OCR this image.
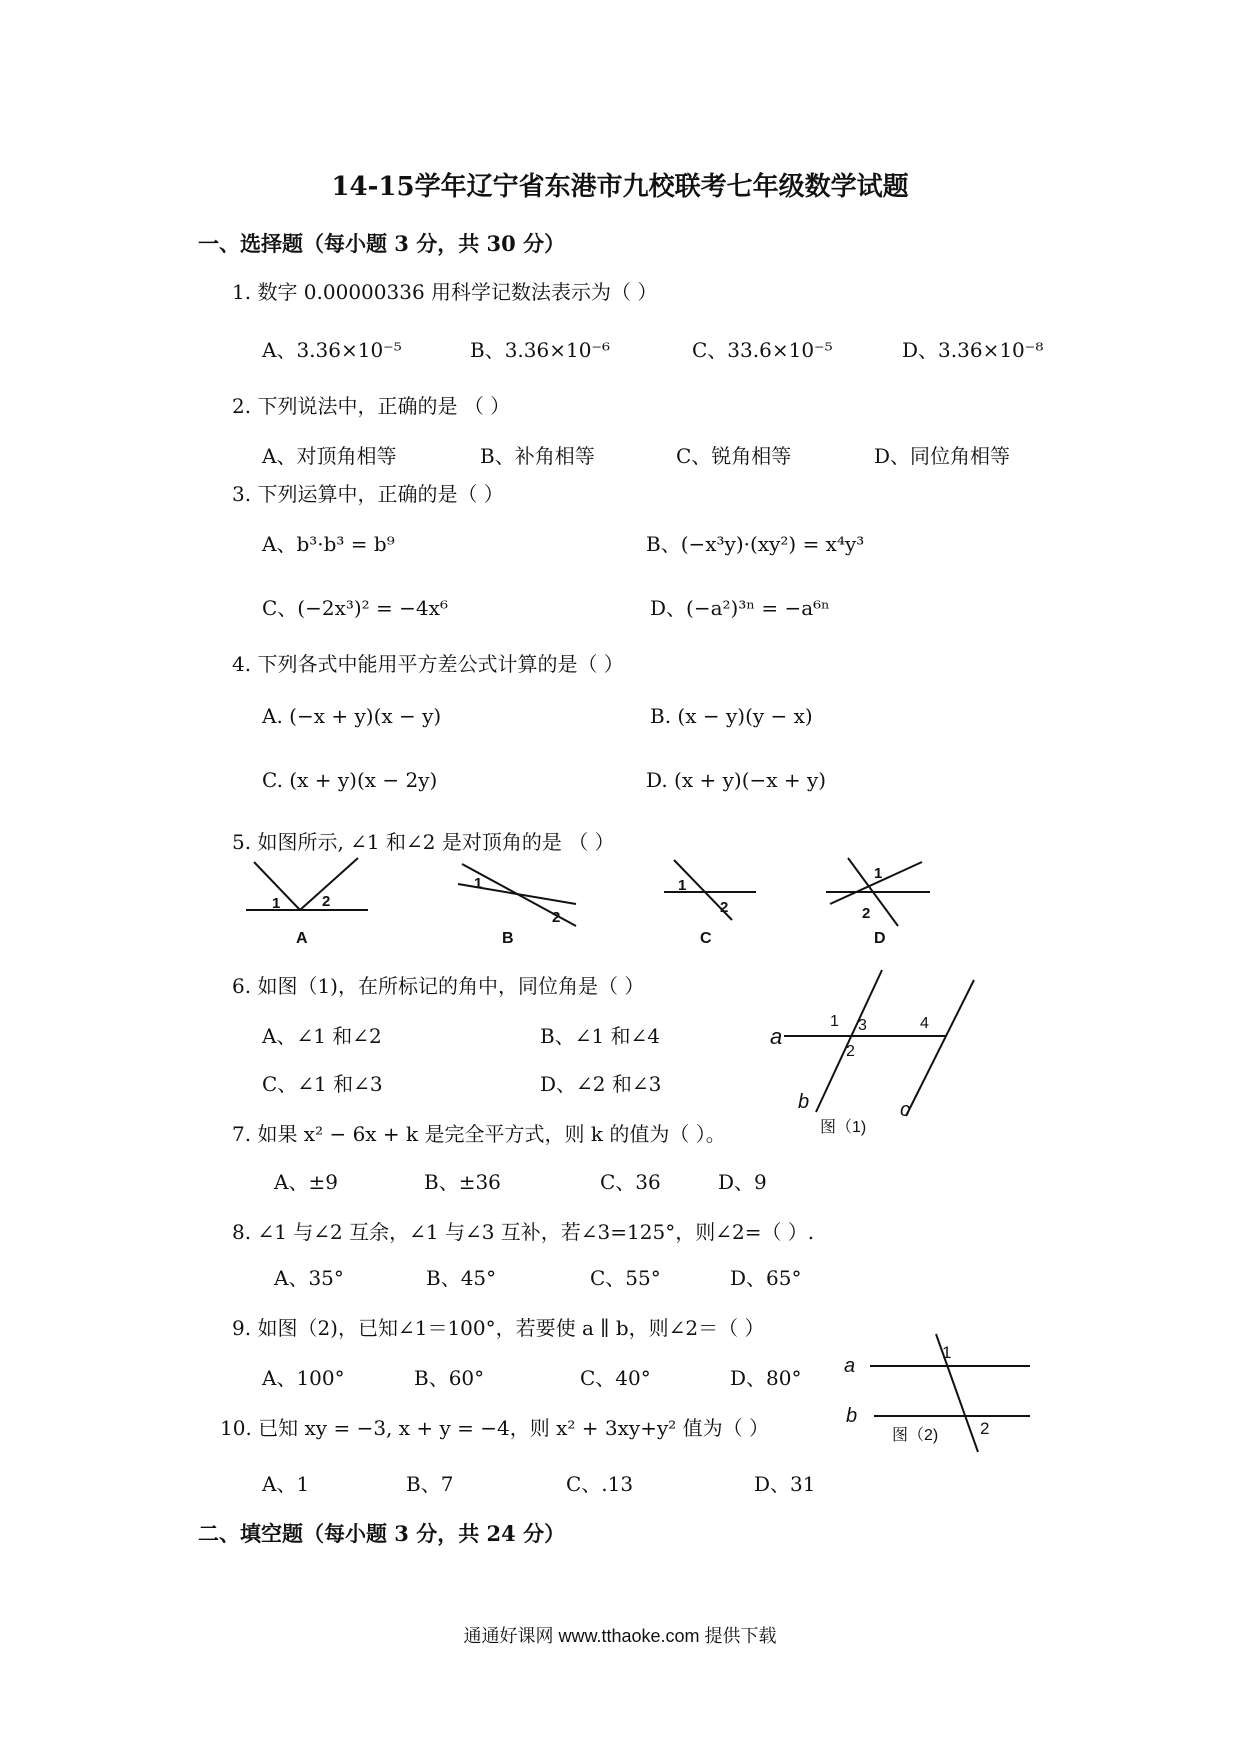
14-15学年辽宁省东港市九校联考七年级数学试题
一、选择题（每小题 3 分，共 30 分）
1. 数字 0.00000336 用科学记数法表示为（ ）
A、3.36×10⁻⁵	B、3.36×10⁻⁶	C、33.6×10⁻⁵	D、3.36×10⁻⁸
2. 下列说法中，正确的是 （ ）
A、对顶角相等	B、补角相等	C、锐角相等	D、同位角相等
3. 下列运算中，正确的是（ ）
A、b³·b³ = b⁹	B、(−x³y)·(xy²) = x⁴y³
C、(−2x³)² = −4x⁶	D、(−a²)³ⁿ = −a⁶ⁿ
4. 下列各式中能用平方差公式计算的是（ ）
A. (−x + y)(x − y)	B. (x − y)(y − x)
C. (x + y)(x − 2y)	D. (x + y)(−x + y)
5. 如图所示, ∠1 和∠2 是对顶角的是 （ ）
1	2
1
2
1
2
1
2
A	B	C	D
6. 如图（1)，在所标记的角中，同位角是（ ）
A、∠1 和∠2	B、∠1 和∠4
C、∠1 和∠3	D、∠2 和∠3
a
b	c
1 3
2
4
图（1)
7. 如果 x² − 6x + k 是完全平方式，则 k 的值为（ ）。
A、±9	B、±36	C、36	D、9
8. ∠1 与∠2 互余，∠1 与∠3 互补，若∠3=125°，则∠2=（ ）.
A、35°	B、45°	C、55°	D、65°
9. 如图（2)，已知∠1＝100°，若要使 a ∥ b，则∠2＝（ ）
A、100°	B、60°	C、40°	D、80° a
b
1
2
图（2)
10. 已知 xy = −3, x + y = −4，则 x² + 3xy+y² 值为（ ）
A、1	B、7	C、.13	D、31
二、填空题（每小题 3 分，共 24 分）
通通好课网 www.tthaoke.com 提供下载
